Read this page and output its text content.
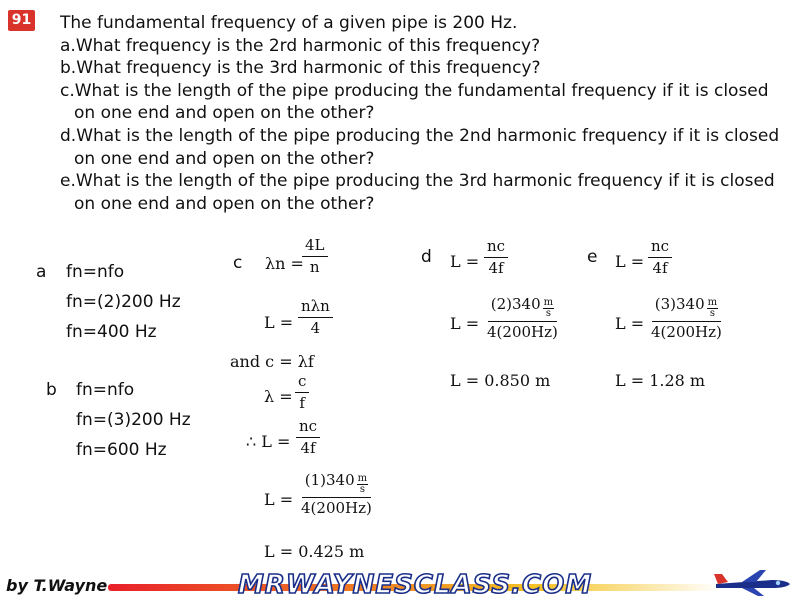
91 The fundamental frequency of a given pipe is 200 Hz.
a.What frequency is the 2rd harmonic of this frequency?
b.What frequency is the 3rd harmonic of this frequency?
c.What is the length of the pipe producing the fundamental frequency if it is closed
on one end and open on the other?
d.What is the length of the pipe producing the 2nd harmonic frequency if it is closed
on one end and open on the other?
e.What is the length of the pipe producing the 3rd harmonic frequency if it is closed
on one end and open on the other?
a fn=nfo
fn=(2)200 Hz
fn=400 Hz
b fn=nfo
fn=(3)200 Hz
fn=600 Hz
c λn =
$\frac{4L}{n}$
L =
nλn
4
and c = λf
$\lambda = \frac{c}{f}$
∴ $L = \frac{nc}{4f}$
$L = \frac{(1)340 \frac{m}{s}}{4(200Hz)}$
L = 0.425 m
d $L = \frac{nc}{4f}$
$L = \frac{(2)340 \frac{m}{s}}{4(200Hz)}$
L = 0.850 m
e $L = \frac{nc}{4f}$
$L = \frac{(3)340 \frac{m}{s}}{4(200Hz)}$
L = 1.28 m
by T.Wayne	MRWAYNESCLASS.COM
